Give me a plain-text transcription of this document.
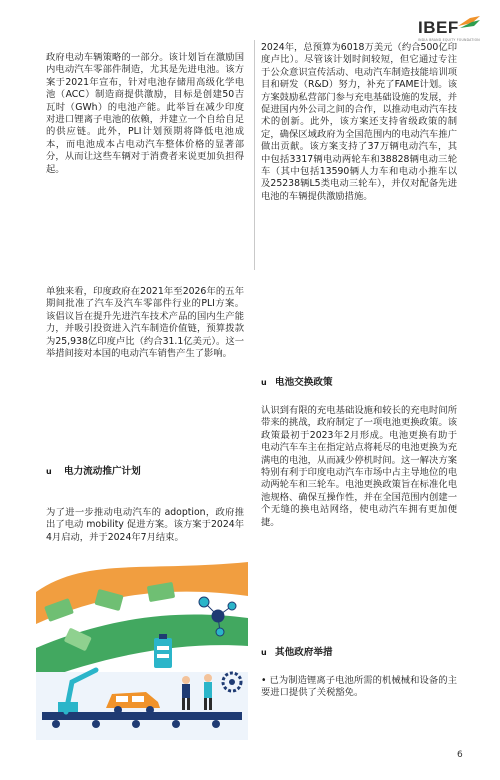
IBEF
INDIA BRAND EQUITY FOUNDATION
政府电动车辆策略的一部分。该计划旨在激励国内电动汽车零部件制造，尤其是先进电池。该方案于2021年宣布，针对电池存储用高级化学电池（ACC）制造商提供激励，目标是创建50吉瓦时（GWh）的电池产能。此举旨在减少印度对进口锂离子电池的依赖，并建立一个自给自足的供应链。此外，PLI计划预期将降低电池成本，而电池成本占电动汽车整体价格的显著部分，从而让这些车辆对于消费者来说更加负担得起。
单独来看，印度政府在2021年至2026年的五年期间批准了汽车及汽车零部件行业的PLI方案。该倡议旨在提升先进汽车技术产品的国内生产能力，并吸引投资进入汽车制造价值链，预算拨款为25,938亿印度卢比（约合31.1亿美元）。这一举措间接对本国的电动汽车销售产生了影响。
u 电力流动推广计划
为了进一步推动电动汽车的 adoption，政府推出了电动 mobility 促进方案。该方案于2024年4月启动，并于2024年7月结束。
2024年，总预算为6018万美元（约合500亿印度卢比）。尽管该计划时间较短，但它通过专注于公众意识宣传活动、电动汽车制造技能培训项目和研发（R&D）努力，补充了FAME计划。该方案鼓励私营部门参与充电基础设施的发展，并促进国内外公司之间的合作，以推动电动汽车技术的创新。此外，该方案还支持省级政策的制定，确保区域政府为全国范围内的电动汽车推广做出贡献。该方案支持了37万辆电动汽车，其中包括3317辆电动两轮车和38828辆电动三轮车（其中包括13590辆人力车和电动小推车以及25238辆L5类电动三轮车），并仅对配备先进电池的车辆提供激励措施。
u 电池交换政策
认识到有限的充电基础设施和较长的充电时间所带来的挑战，政府制定了一项电池更换政策。该政策最初于2023年2月形成。电池更换有助于电动汽车车主在指定站点将耗尽的电池更换为充满电的电池，从而减少停机时间。这一解决方案特别有利于印度电动汽车市场中占主导地位的电动两轮车和三轮车。电池更换政策旨在标准化电池规格、确保互操作性，并在全国范围内创建一个无缝的换电站网络，使电动汽车拥有更加便捷。
u 其他政府举措
• 已为制造锂离子电池所需的机械械和设备的主要进口提供了关税豁免。
6
